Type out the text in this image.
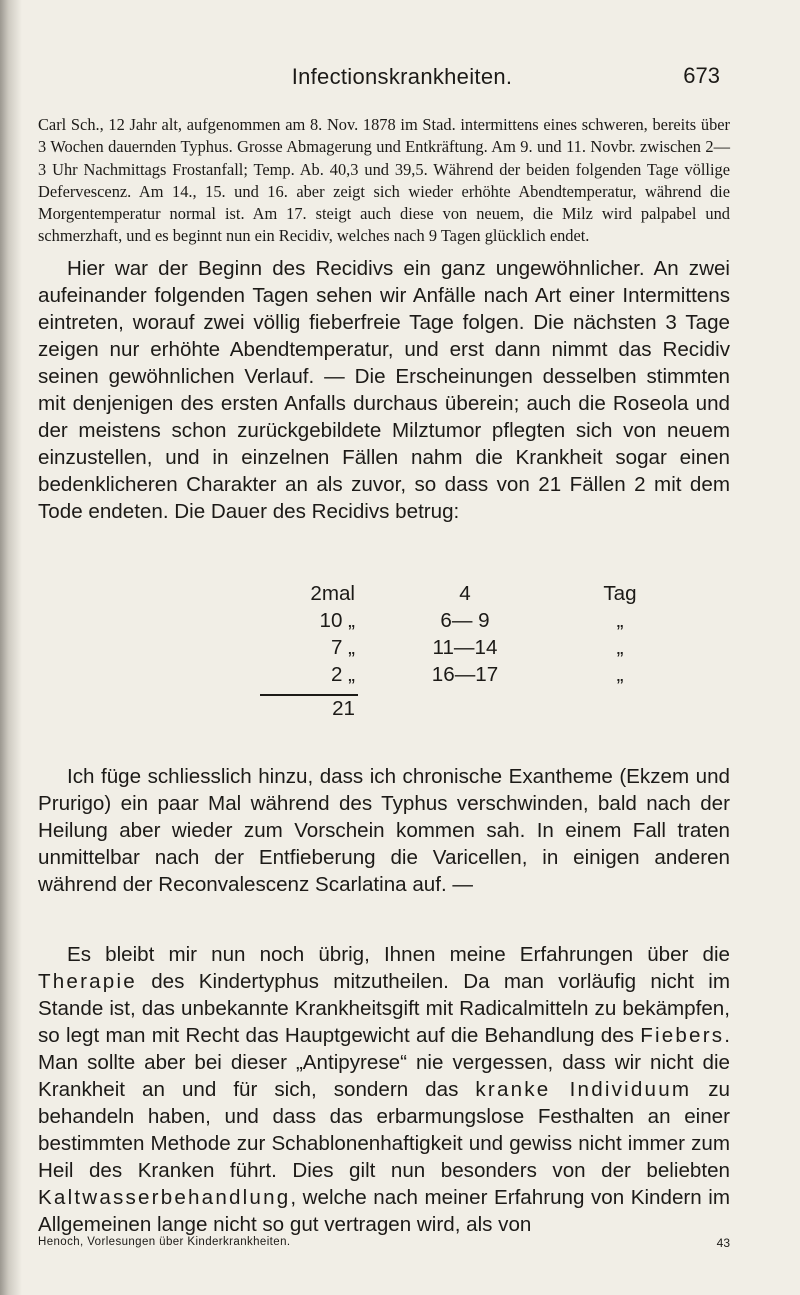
Infectionskrankheiten.	673

Carl Sch., 12 Jahr alt, aufgenommen am 8. Nov. 1878 im Stad. intermittens eines schweren, bereits über 3 Wochen dauernden Typhus. Grosse Abmagerung und Entkräftung. Am 9. und 11. Novbr. zwischen 2—3 Uhr Nachmittags Frostanfall; Temp. Ab. 40,3 und 39,5. Während der beiden folgenden Tage völlige Defervescenz. Am 14., 15. und 16. aber zeigt sich wieder erhöhte Abendtemperatur, während die Morgentemperatur normal ist. Am 17. steigt auch diese von neuem, die Milz wird palpabel und schmerzhaft, und es beginnt nun ein Recidiv, welches nach 9 Tagen glücklich endet.

Hier war der Beginn des Recidivs ein ganz ungewöhnlicher. An zwei aufeinander folgenden Tagen sehen wir Anfälle nach Art einer Intermittens eintreten, worauf zwei völlig fieberfreie Tage folgen. Die nächsten 3 Tage zeigen nur erhöhte Abendtemperatur, und erst dann nimmt das Recidiv seinen gewöhnlichen Verlauf. — Die Erscheinungen desselben stimmten mit denjenigen des ersten Anfalls durchaus überein; auch die Roseola und der meistens schon zurückgebildete Milztumor pflegten sich von neuem einzustellen, und in einzelnen Fällen nahm die Krankheit sogar einen bedenklicheren Charakter an als zuvor, so dass von 21 Fällen 2 mit dem Tode endeten. Die Dauer des Recidivs betrug:

2mal	4	Tag
10 „	6— 9	„
7 „	11—14	„
2 „	16—17	„
21

Ich füge schliesslich hinzu, dass ich chronische Exantheme (Ekzem und Prurigo) ein paar Mal während des Typhus verschwinden, bald nach der Heilung aber wieder zum Vorschein kommen sah. In einem Fall traten unmittelbar nach der Entfieberung die Varicellen, in einigen anderen während der Reconvalescenz Scarlatina auf. —

Es bleibt mir nun noch übrig, Ihnen meine Erfahrungen über die Therapie des Kindertyphus mitzutheilen. Da man vorläufig nicht im Stande ist, das unbekannte Krankheitsgift mit Radicalmitteln zu bekämpfen, so legt man mit Recht das Hauptgewicht auf die Behandlung des Fiebers. Man sollte aber bei dieser „Antipyrese“ nie vergessen, dass wir nicht die Krankheit an und für sich, sondern das kranke Individuum zu behandeln haben, und dass das erbarmungslose Festhalten an einer bestimmten Methode zur Schablonenhaftigkeit und gewiss nicht immer zum Heil des Kranken führt. Dies gilt nun besonders von der beliebten Kaltwasserbehandlung, welche nach meiner Erfahrung von Kindern im Allgemeinen lange nicht so gut vertragen wird, als von

Henoch, Vorlesungen über Kinderkrankheiten.	43
